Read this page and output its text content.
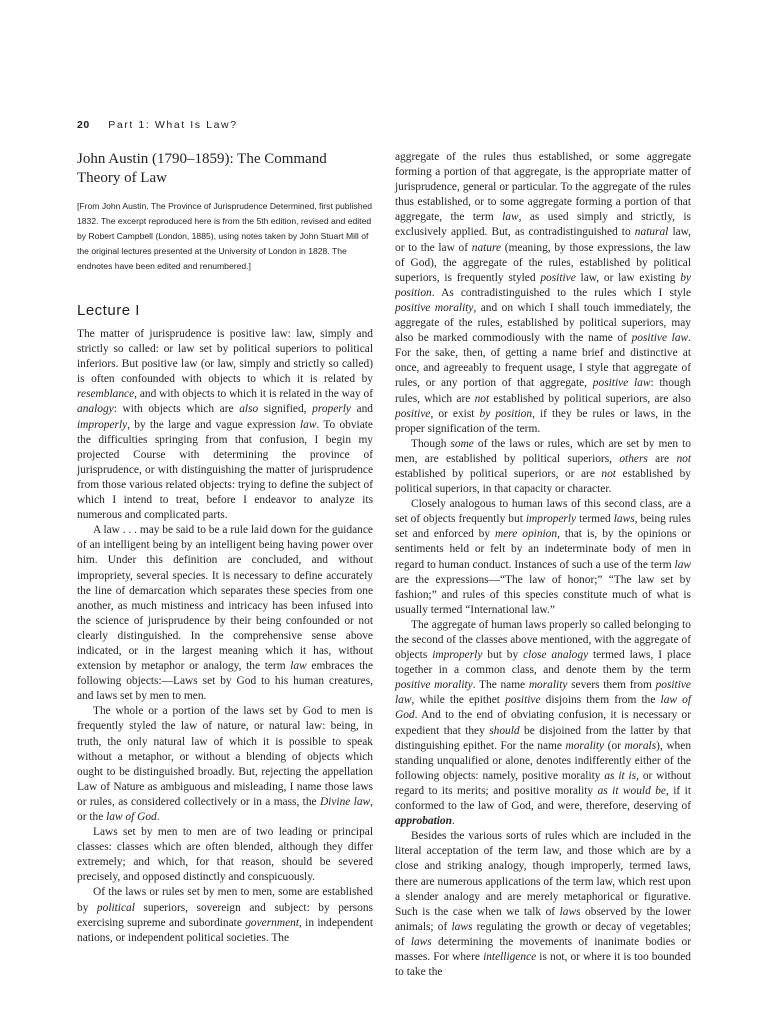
20 Part 1: What Is Law?
John Austin (1790–1859): The Command Theory of Law

[From John Austin, The Province of Jurisprudence Determined, first published 1832. The excerpt reproduced here is from the 5th edition, revised and edited by Robert Campbell (London, 1885), using notes taken by John Stuart Mill of the original lectures presented at the University of London in 1828. The endnotes have been edited and renumbered.]

Lecture I

The matter of jurisprudence is positive law: law, simply and strictly so called: or law set by political superiors to political inferiors. But positive law (or law, simply and strictly so called) is often confounded with objects to which it is related by resemblance, and with objects to which it is related in the way of analogy: with objects which are also signified, properly and improperly, by the large and vague expression law. To obviate the difficulties springing from that confusion, I begin my projected Course with determining the province of jurisprudence, or with distinguishing the matter of jurisprudence from those various related objects: trying to define the subject of which I intend to treat, before I endeavor to analyze its numerous and complicated parts.

A law . . . may be said to be a rule laid down for the guidance of an intelligent being by an intelligent being having power over him. Under this definition are concluded, and without impropriety, several species. It is necessary to define accurately the line of demarcation which separates these species from one another, as much mistiness and intricacy has been infused into the science of jurisprudence by their being confounded or not clearly distinguished. In the comprehensive sense above indicated, or in the largest meaning which it has, without extension by metaphor or analogy, the term law embraces the following objects:—Laws set by God to his human creatures, and laws set by men to men.

The whole or a portion of the laws set by God to men is frequently styled the law of nature, or natural law: being, in truth, the only natural law of which it is possible to speak without a metaphor, or without a blending of objects which ought to be distinguished broadly. But, rejecting the appellation Law of Nature as ambiguous and misleading, I name those laws or rules, as considered collectively or in a mass, the Divine law, or the law of God.

Laws set by men to men are of two leading or principal classes: classes which are often blended, although they differ extremely; and which, for that reason, should be severed precisely, and opposed distinctly and conspicuously.

Of the laws or rules set by men to men, some are established by political superiors, sovereign and subject: by persons exercising supreme and subordinate government, in independent nations, or independent political societies. The

aggregate of the rules thus established, or some aggregate forming a portion of that aggregate, is the appropriate matter of jurisprudence, general or particular. To the aggregate of the rules thus established, or to some aggregate forming a portion of that aggregate, the term law, as used simply and strictly, is exclusively applied. But, as contradistinguished to natural law, or to the law of nature (meaning, by those expressions, the law of God), the aggregate of the rules, established by political superiors, is frequently styled positive law, or law existing by position. As contradistinguished to the rules which I style positive morality, and on which I shall touch immediately, the aggregate of the rules, established by political superiors, may also be marked commodiously with the name of positive law. For the sake, then, of getting a name brief and distinctive at once, and agreeably to frequent usage, I style that aggregate of rules, or any portion of that aggregate, positive law: though rules, which are not established by political superiors, are also positive, or exist by position, if they be rules or laws, in the proper signification of the term.

Though some of the laws or rules, which are set by men to men, are established by political superiors, others are not established by political superiors, or are not established by political superiors, in that capacity or character.

Closely analogous to human laws of this second class, are a set of objects frequently but improperly termed laws, being rules set and enforced by mere opinion, that is, by the opinions or sentiments held or felt by an indeterminate body of men in regard to human conduct. Instances of such a use of the term law are the expressions—“The law of honor;” “The law set by fashion;” and rules of this species constitute much of what is usually termed “International law.”

The aggregate of human laws properly so called belonging to the second of the classes above mentioned, with the aggregate of objects improperly but by close analogy termed laws, I place together in a common class, and denote them by the term positive morality. The name morality severs them from positive law, while the epithet positive disjoins them from the law of God. And to the end of obviating confusion, it is necessary or expedient that they should be disjoined from the latter by that distinguishing epithet. For the name morality (or morals), when standing unqualified or alone, denotes indifferently either of the following objects: namely, positive morality as it is, or without regard to its merits; and positive morality as it would be, if it conformed to the law of God, and were, therefore, deserving of approbation.

Besides the various sorts of rules which are included in the literal acceptation of the term law, and those which are by a close and striking analogy, though improperly, termed laws, there are numerous applications of the term law, which rest upon a slender analogy and are merely metaphorical or figurative. Such is the case when we talk of laws observed by the lower animals; of laws regulating the growth or decay of vegetables; of laws determining the movements of inanimate bodies or masses. For where intelligence is not, or where it is too bounded to take the
